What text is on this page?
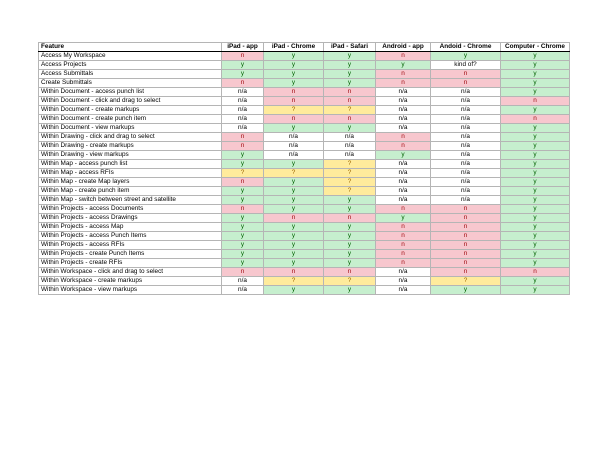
Feature	iPad - app	iPad - Chrome	iPad - Safari	Android - app	Andoid - Chrome	Computer - Chrome
Access My Workspace	n	y	y	n	y	y
Access Projects	y	y	y	y	kind of?	y
Access Submittals	y	y	y	n	n	y
Create Submittals	n	y	y	n	n	y
Within Document - access punch list	n/a	n	n	n/a	n/a	y
Within Document - click and drag to select	n/a	n	n	n/a	n/a	n
Within Document - create markups	n/a	?	?	n/a	n/a	y
Within Document - create punch item	n/a	n	n	n/a	n/a	n
Within Document - view markups	n/a	y	y	n/a	n/a	y
Within Drawing - click and drag to select	n	n/a	n/a	n	n/a	y
Within Drawing - create markups	n	n/a	n/a	n	n/a	y
Within Drawing - view markups	y	n/a	n/a	y	n/a	y
Within Map - access punch list	y	y	?	n/a	n/a	y
Within Map - access RFIs	?	?	?	n/a	n/a	y
Within Map - create Map layers	n	y	?	n/a	n/a	y
Within Map - create punch item	y	y	?	n/a	n/a	y
Within Map - switch between street and satellite	y	y	y	n/a	n/a	y
Within Projects - access Documents	n	y	y	n	n	y
Within Projects - access Drawings	y	n	n	y	n	y
Within Projects - access Map	y	y	y	n	n	y
Within Projects - access Punch Items	y	y	y	n	n	y
Within Projects - access RFIs	y	y	y	n	n	y
Within Projects - create Punch Items	y	y	y	n	n	y
Within Projects - create RFIs	y	y	y	n	n	y
Within Workspace - click and drag to select	n	n	n	n/a	n	n
Within Workspace - create markups	n/a	?	?	n/a	?	y
Within Workspace - view markups	n/a	y	y	n/a	y	y
